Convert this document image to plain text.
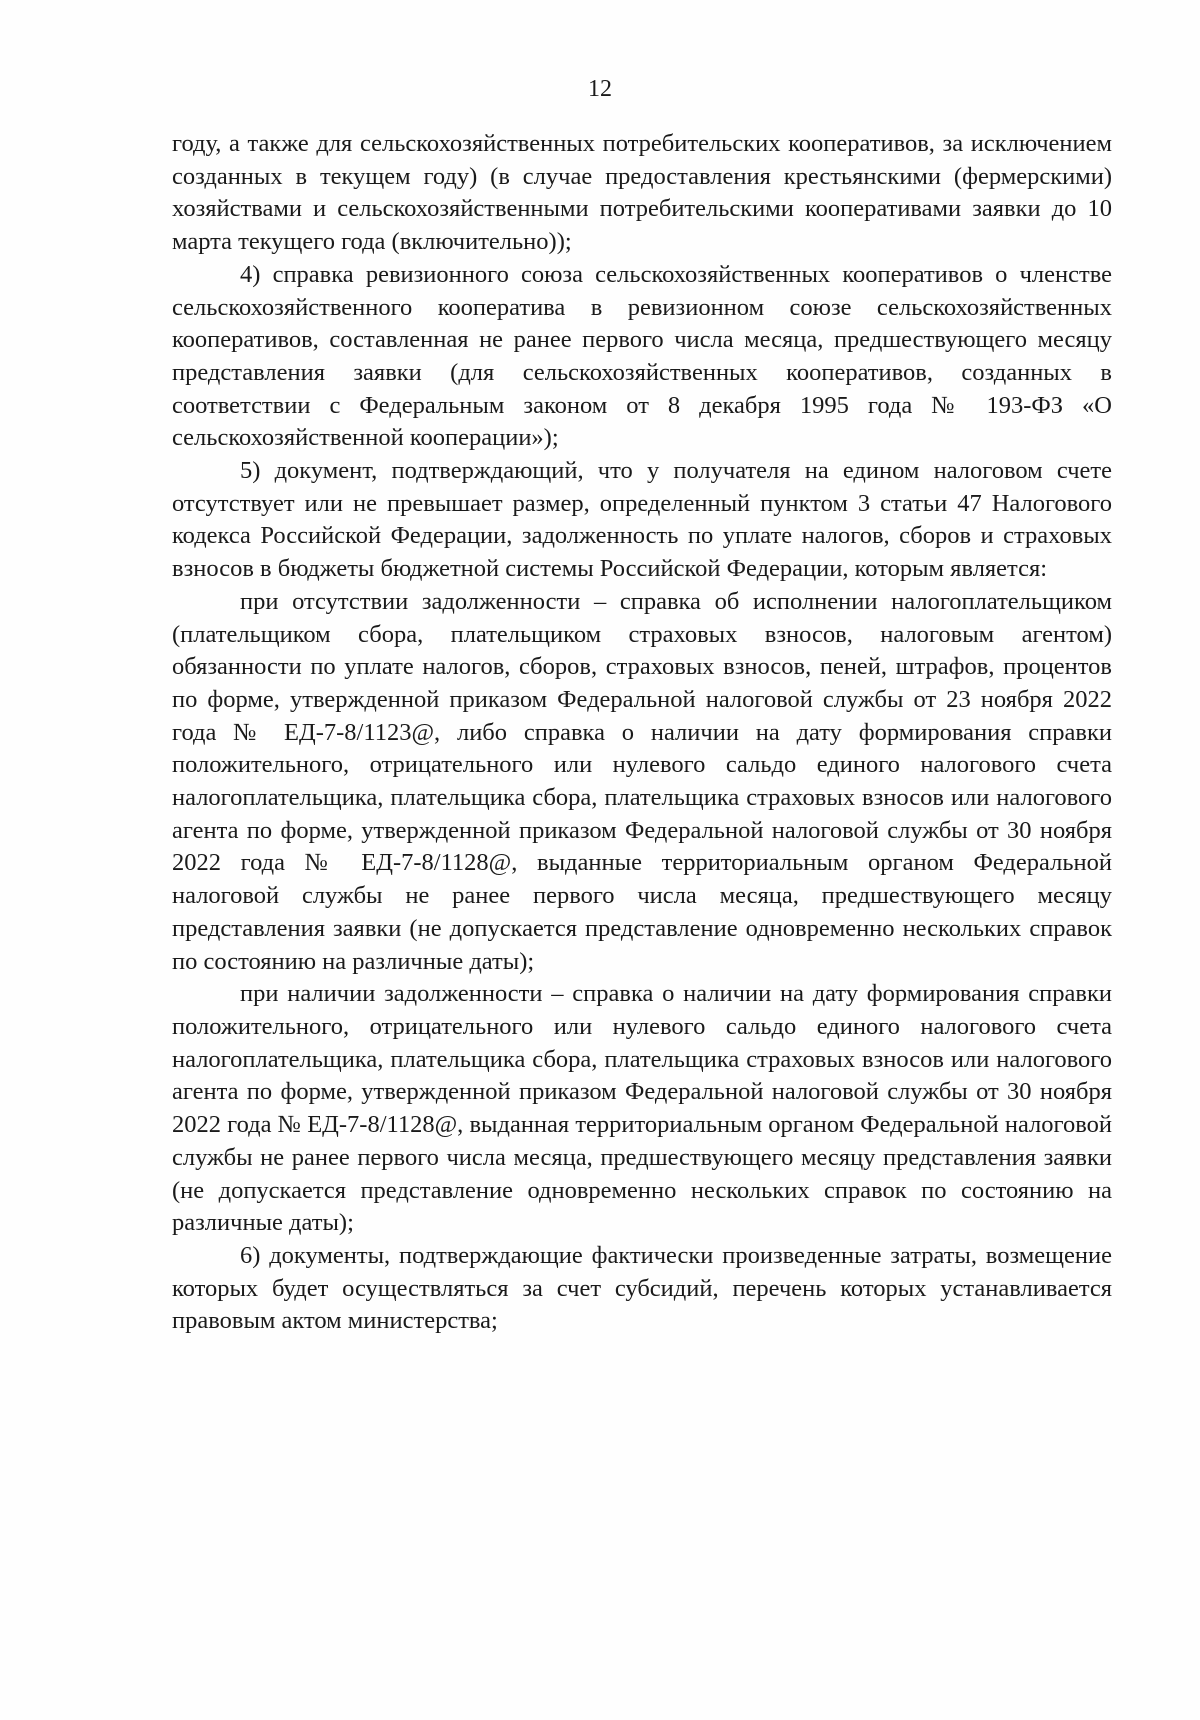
12

году, а также для сельскохозяйственных потребительских кооперативов, за исключением созданных в текущем году) (в случае предоставления крестьянскими (фермерскими) хозяйствами и сельскохозяйственными потребительскими кооперативами заявки до 10 марта текущего года (включительно));

4) справка ревизионного союза сельскохозяйственных кооперативов о членстве сельскохозяйственного кооператива в ревизионном союзе сельскохозяйственных кооперативов, составленная не ранее первого числа месяца, предшествующего месяцу представления заявки (для сельскохозяйственных кооперативов, созданных в соответствии с Федеральным законом от 8 декабря 1995 года № 193-ФЗ «О сельскохозяйственной кооперации»);

5) документ, подтверждающий, что у получателя на едином налоговом счете отсутствует или не превышает размер, определенный пунктом 3 статьи 47 Налогового кодекса Российской Федерации, задолженность по уплате налогов, сборов и страховых взносов в бюджеты бюджетной системы Российской Федерации, которым является:

при отсутствии задолженности – справка об исполнении налогоплательщиком (плательщиком сбора, плательщиком страховых взносов, налоговым агентом) обязанности по уплате налогов, сборов, страховых взносов, пеней, штрафов, процентов по форме, утвержденной приказом Федеральной налоговой службы от 23 ноября 2022 года № ЕД-7-8/1123@, либо справка о наличии на дату формирования справки положительного, отрицательного или нулевого сальдо единого налогового счета налогоплательщика, плательщика сбора, плательщика страховых взносов или налогового агента по форме, утвержденной приказом Федеральной налоговой службы от 30 ноября 2022 года № ЕД-7-8/1128@, выданные территориальным органом Федеральной налоговой службы не ранее первого числа месяца, предшествующего месяцу представления заявки (не допускается представление одновременно нескольких справок по состоянию на различные даты);

при наличии задолженности – справка о наличии на дату формирования справки положительного, отрицательного или нулевого сальдо единого налогового счета налогоплательщика, плательщика сбора, плательщика страховых взносов или налогового агента по форме, утвержденной приказом Федеральной налоговой службы от 30 ноября 2022 года № ЕД-7-8/1128@, выданная территориальным органом Федеральной налоговой службы не ранее первого числа месяца, предшествующего месяцу представления заявки (не допускается представление одновременно нескольких справок по состоянию на различные даты);

6) документы, подтверждающие фактически произведенные затраты, возмещение которых будет осуществляться за счет субсидий, перечень которых устанавливается правовым актом министерства;
